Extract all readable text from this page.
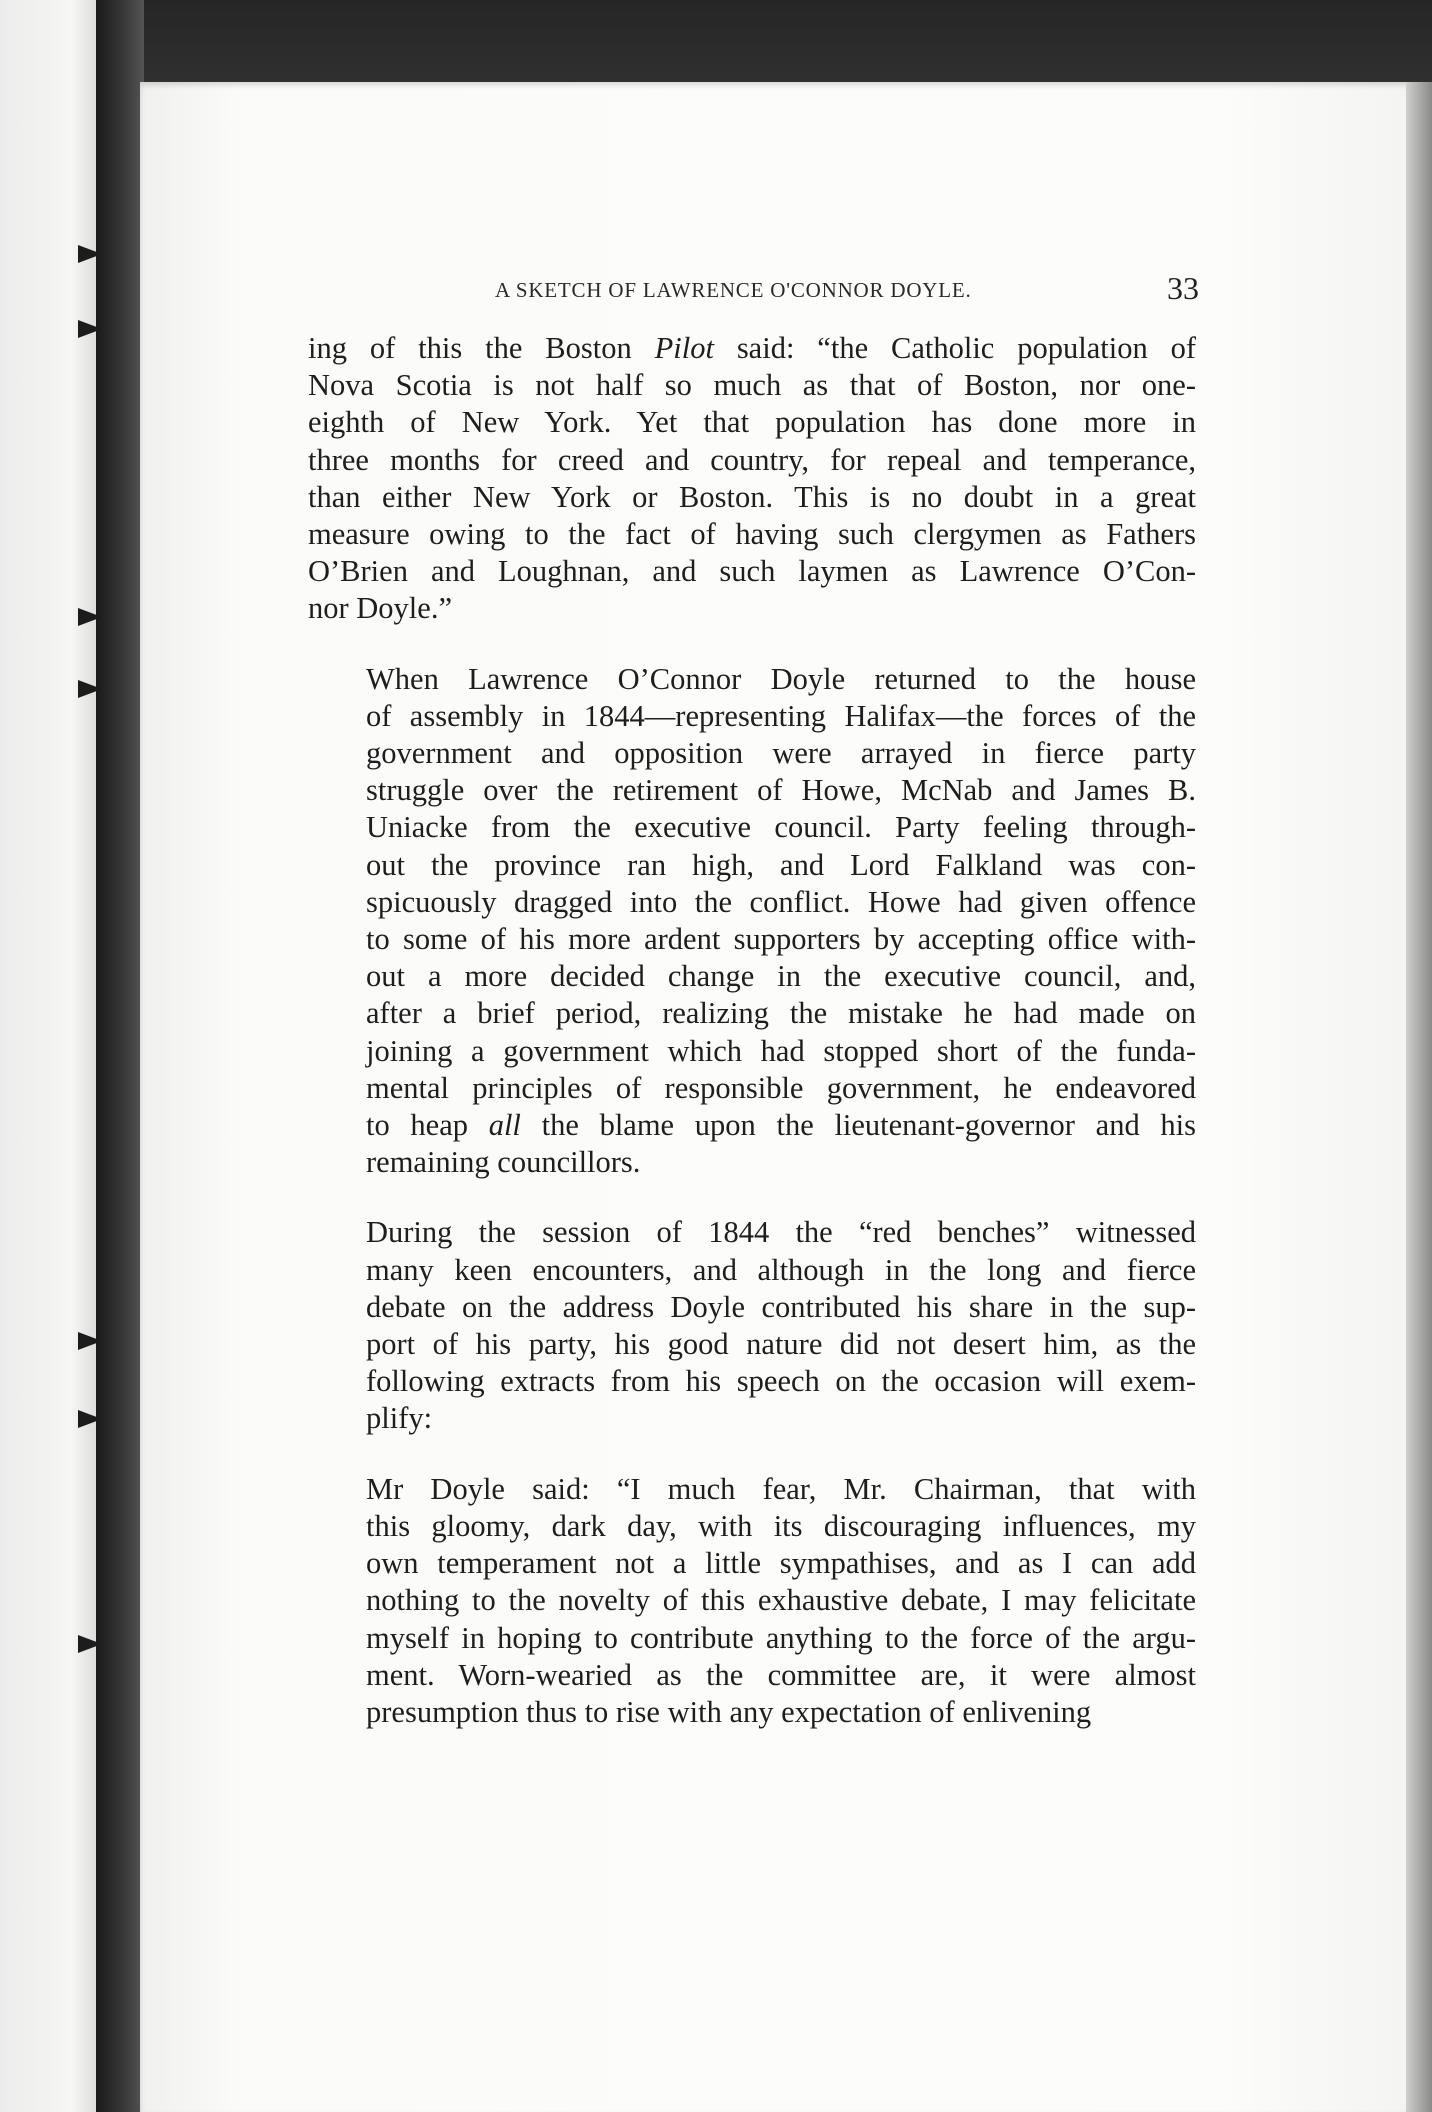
A SKETCH OF LAWRENCE O'CONNOR DOYLE.	33
ing of this the Boston Pilot said: “the Catholic population of
Nova Scotia is not half so much as that of Boston, nor one-
eighth of New York. Yet that population has done more in
three months for creed and country, for repeal and temperance,
than either New York or Boston. This is no doubt in a great
measure owing to the fact of having such clergymen as Fathers
O’Brien and Loughnan, and such laymen as Lawrence O’Con-
nor Doyle.”
When Lawrence O’Connor Doyle returned to the house
of assembly in 1844—representing Halifax—the forces of the
government and opposition were arrayed in fierce party
struggle over the retirement of Howe, McNab and James B.
Uniacke from the executive council. Party feeling through-
out the province ran high, and Lord Falkland was con-
spicuously dragged into the conflict. Howe had given offence
to some of his more ardent supporters by accepting office with-
out a more decided change in the executive council, and,
after a brief period, realizing the mistake he had made on
joining a government which had stopped short of the funda-
mental principles of responsible government, he endeavored
to heap all the blame upon the lieutenant-governor and his
remaining councillors.
During the session of 1844 the “red benches” witnessed
many keen encounters, and although in the long and fierce
debate on the address Doyle contributed his share in the sup-
port of his party, his good nature did not desert him, as the
following extracts from his speech on the occasion will exem-
plify:
Mr Doyle said: “I much fear, Mr. Chairman, that with
this gloomy, dark day, with its discouraging influences, my
own temperament not a little sympathises, and as I can add
nothing to the novelty of this exhaustive debate, I may felicitate
myself in hoping to contribute anything to the force of the argu-
ment. Worn-wearied as the committee are, it were almost
presumption thus to rise with any expectation of enlivening
